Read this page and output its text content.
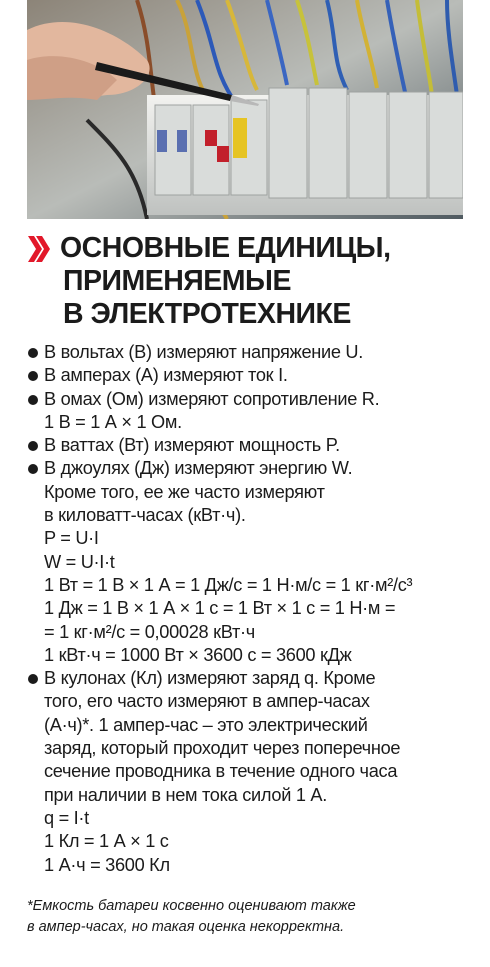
ОСНОВНЫЕ ЕДИНИЦЫ,
ПРИМЕНЯЕМЫЕ
В ЭЛЕКТРОТЕХНИКЕ
В вольтах (В) измеряют напряжение U.
В амперах (А) измеряют ток I.
В омах (Ом) измеряют сопротивление R.
1 В = 1 А × 1 Ом.
В ваттах (Вт) измеряют мощность P.
В джоулях (Дж) измеряют энергию W.
Кроме того, ее же часто измеряют
в киловатт-часах (кВт·ч).
P = U·I
W = U·I·t
1 Вт = 1 В × 1 А = 1 Дж/с = 1 Н·м/с = 1 кг·м²/с³
1 Дж = 1 В × 1 А × 1 с = 1 Вт × 1 с = 1 Н·м =
= 1 кг·м²/с = 0,00028 кВт·ч
1 кВт·ч = 1000 Вт × 3600 с = 3600 кДж
В кулонах (Кл) измеряют заряд q. Кроме
того, его часто измеряют в ампер-часах
(А·ч)*. 1 ампер-час – это электрический
заряд, который проходит через поперечное
сечение проводника в течение одного часа
при наличии в нем тока силой 1 А.
q = I·t
1 Кл = 1 А × 1 с
1 А·ч = 3600 Кл
*Емкость батареи косвенно оценивают также
в ампер-часах, но такая оценка некорректна.
